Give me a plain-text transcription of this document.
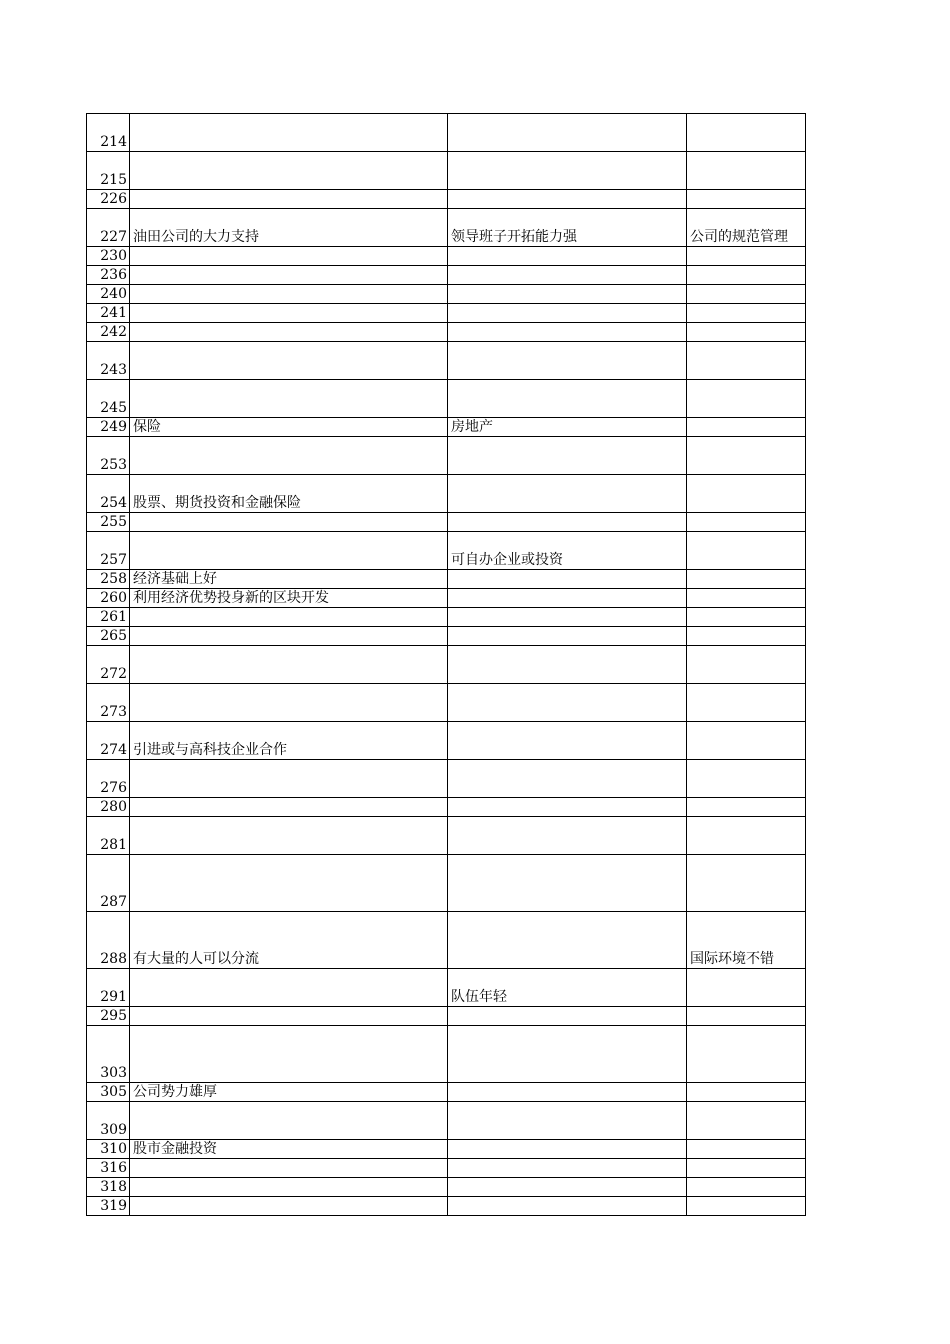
214			
215			
226			
227	油田公司的大力支持	领导班子开拓能力强	公司的规范管理
230			
236			
240			
241			
242			
243			
245			
249	保险	房地产	
253			
254	股票、期货投资和金融保险		
255			
257		可自办企业或投资	
258	经济基础上好		
260	利用经济优势投身新的区块开发		
261			
265			
272			
273			
274	引进或与高科技企业合作		
276			
280			
281			
287			
288	有大量的人可以分流		国际环境不错
291		队伍年轻	
295			
303			
305	公司势力雄厚		
309			
310	股市金融投资		
316			
318			
319			
